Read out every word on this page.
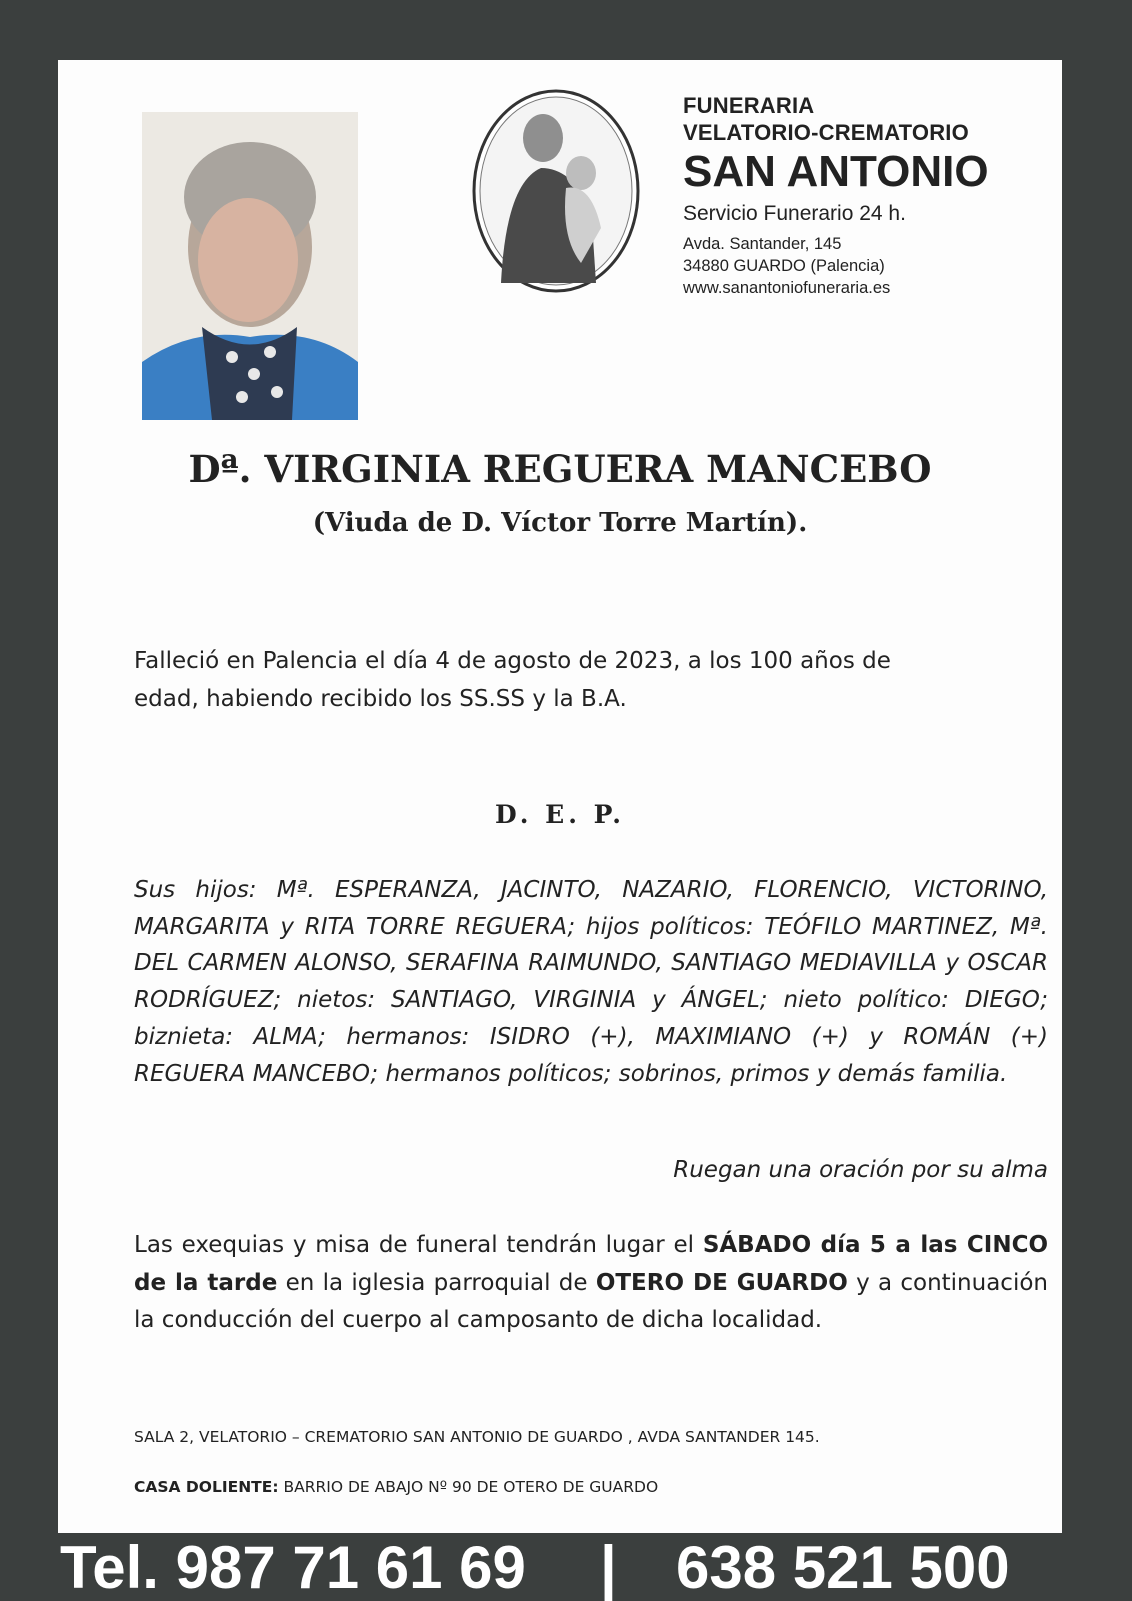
FUNERARIA
VELATORIO-CREMATORIO
SAN ANTONIO
Servicio Funerario 24 h.
Avda. Santander, 145
34880 GUARDO (Palencia)
www.sanantoniofuneraria.es
Dª. VIRGINIA REGUERA MANCEBO
(Viuda de D. Víctor Torre Martín).
Falleció en Palencia el día 4 de agosto de 2023, a los 100 años de
edad, habiendo recibido los SS.SS y la B.A.
D. E. P.
Sus hijos: Mª. ESPERANZA, JACINTO, NAZARIO, FLORENCIO, VICTORINO, MARGARITA y RITA TORRE REGUERA; hijos políticos: TEÓFILO MARTINEZ, Mª. DEL CARMEN ALONSO, SERAFINA RAIMUNDO, SANTIAGO MEDIAVILLA y OSCAR RODRÍGUEZ; nietos: SANTIAGO, VIRGINIA y ÁNGEL; nieto político: DIEGO; biznieta: ALMA; hermanos: ISIDRO (+), MAXIMIANO (+) y ROMÁN (+) REGUERA MANCEBO; hermanos políticos; sobrinos, primos y demás familia.
Ruegan una oración por su alma
Las exequias y misa de funeral tendrán lugar el SÁBADO día 5 a las CINCO de la tarde en la iglesia parroquial de OTERO DE GUARDO y a continuación la conducción del cuerpo al camposanto de dicha localidad.
SALA 2, VELATORIO – CREMATORIO SAN ANTONIO DE GUARDO , AVDA SANTANDER 145.
CASA DOLIENTE: BARRIO DE ABAJO Nº 90 DE OTERO DE GUARDO
Tel. 987 71 61 69 | 638 521 500
